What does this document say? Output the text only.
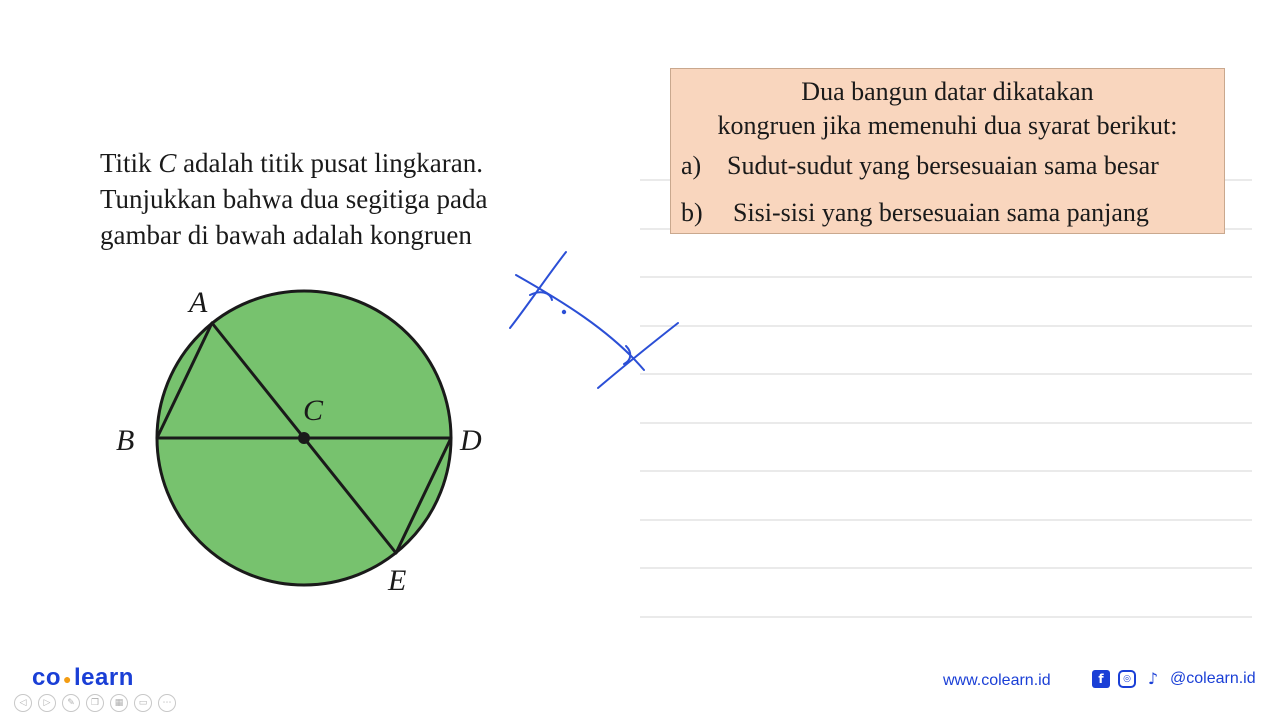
Titik C adalah titik pusat lingkaran.

Tunjukkan bahwa dua segitiga pada

gambar di bawah adalah kongruen

Dua bangun datar dikatakan
kongruen jika memenuhi dua syarat berikut:
a) Sudut-sudut yang bersesuaian sama besar
b) Sisi-sisi yang bersesuaian sama panjang
A
B
C
D
E
co ●learn
◁	▷	✎	❐	▦	▭	⋯
www.colearn.id	f	◎	♪ @colearn.id
